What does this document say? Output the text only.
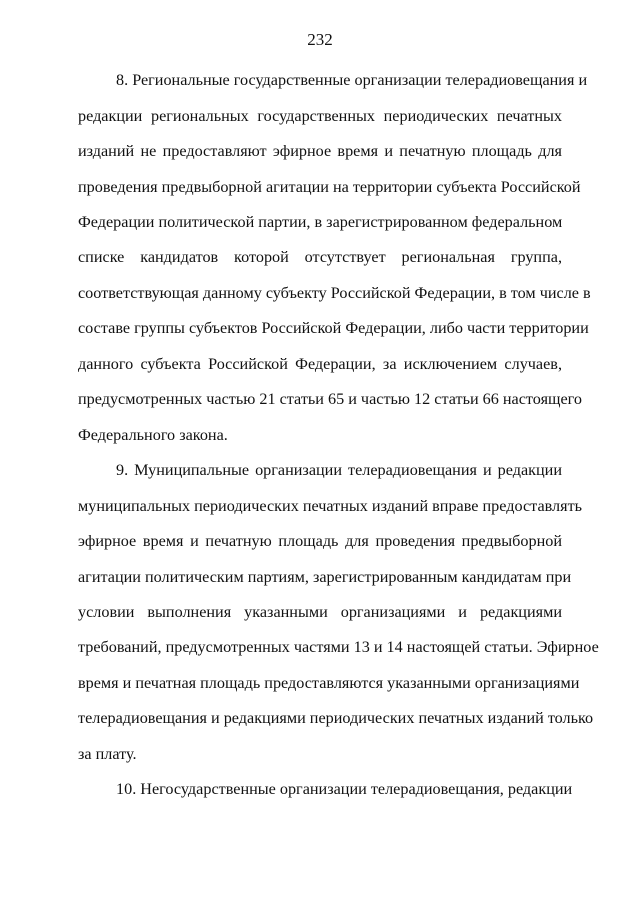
232
8. Региональные государственные организации телерадиовещания и
редакции региональных государственных периодических печатных
изданий не предоставляют эфирное время и печатную площадь для
проведения предвыборной агитации на территории субъекта Российской
Федерации политической партии, в зарегистрированном федеральном
списке кандидатов которой отсутствует региональная группа,
соответствующая данному субъекту Российской Федерации, в том числе в
составе группы субъектов Российской Федерации, либо части территории
данного субъекта Российской Федерации, за исключением случаев,
предусмотренных частью 21 статьи 65 и частью 12 статьи 66 настоящего
Федерального закона.
9. Муниципальные организации телерадиовещания и редакции
муниципальных периодических печатных изданий вправе предоставлять
эфирное время и печатную площадь для проведения предвыборной
агитации политическим партиям, зарегистрированным кандидатам при
условии выполнения указанными организациями и редакциями
требований, предусмотренных частями 13 и 14 настоящей статьи. Эфирное
время и печатная площадь предоставляются указанными организациями
телерадиовещания и редакциями периодических печатных изданий только
за плату.
10. Негосударственные организации телерадиовещания, редакции
